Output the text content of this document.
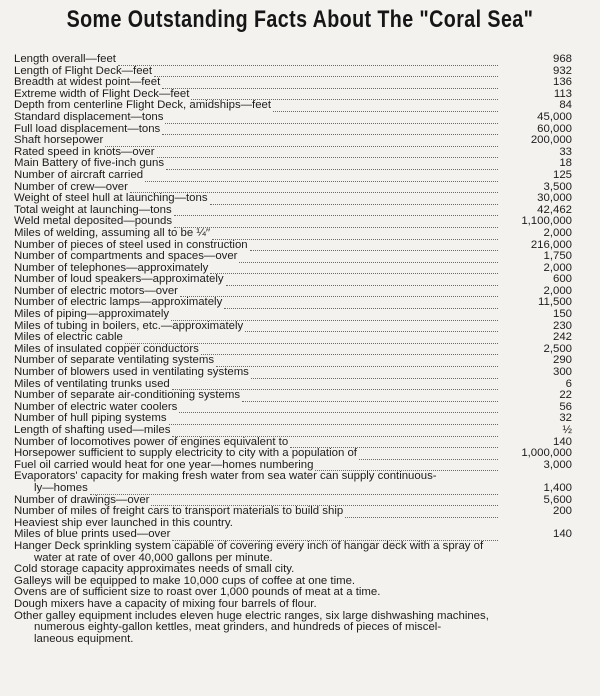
Some Outstanding Facts About The "Coral Sea"
Length overall—feet	968
Length of Flight Deck—feet	932
Breadth at widest point—feet	136
Extreme width of Flight Deck—feet	113
Depth from centerline Flight Deck, amidships—feet	84
Standard displacement—tons	45,000
Full load displacement—tons	60,000
Shaft horsepower	200,000
Rated speed in knots—over	33
Main Battery of five-inch guns	18
Number of aircraft carried	125
Number of crew—over	3,500
Weight of steel hull at launching—tons	30,000
Total weight at launching—tons	42,462
Weld metal deposited—pounds	1,100,000
Miles of welding, assuming all to be ¼′′	2,000
Number of pieces of steel used in construction	216,000
Number of compartments and spaces—over	1,750
Number of telephones—approximately	2,000
Number of loud speakers—approximately	600
Number of electric motors—over	2,000
Number of electric lamps—approximately	11,500
Miles of piping—approximately	150
Miles of tubing in boilers, etc.—approximately	230
Miles of electric cable	242
Miles of insulated copper conductors	2,500
Number of separate ventilating systems	290
Number of blowers used in ventilating systems	300
Miles of ventilating trunks used	6
Number of separate air-conditioning systems	22
Number of electric water coolers	56
Number of hull piping systems	32
Length of shafting used—miles	½
Number of locomotives power of engines equivalent to	140
Horsepower sufficient to supply electricity to city with a population of	1,000,000
Fuel oil carried would heat for one year—homes numbering	3,000
Evaporators' capacity for making fresh water from sea water can supply continuous-
ly—homes	1,400
Number of drawings—over	5,600
Number of miles of freight cars to transport materials to build ship	200
Heaviest ship ever launched in this country.
Miles of blue prints used—over	140
Hanger Deck sprinkling system capable of covering every inch of hangar deck with a spray of
water at rate of over 40,000 gallons per minute.
Cold storage capacity approximates needs of small city.
Galleys will be equipped to make 10,000 cups of coffee at one time.
Ovens are of sufficient size to roast over 1,000 pounds of meat at a time.
Dough mixers have a capacity of mixing four barrels of flour.
Other galley equipment includes eleven huge electric ranges, six large dishwashing machines,
numerous eighty-gallon kettles, meat grinders, and hundreds of pieces of miscel-
laneous equipment.
